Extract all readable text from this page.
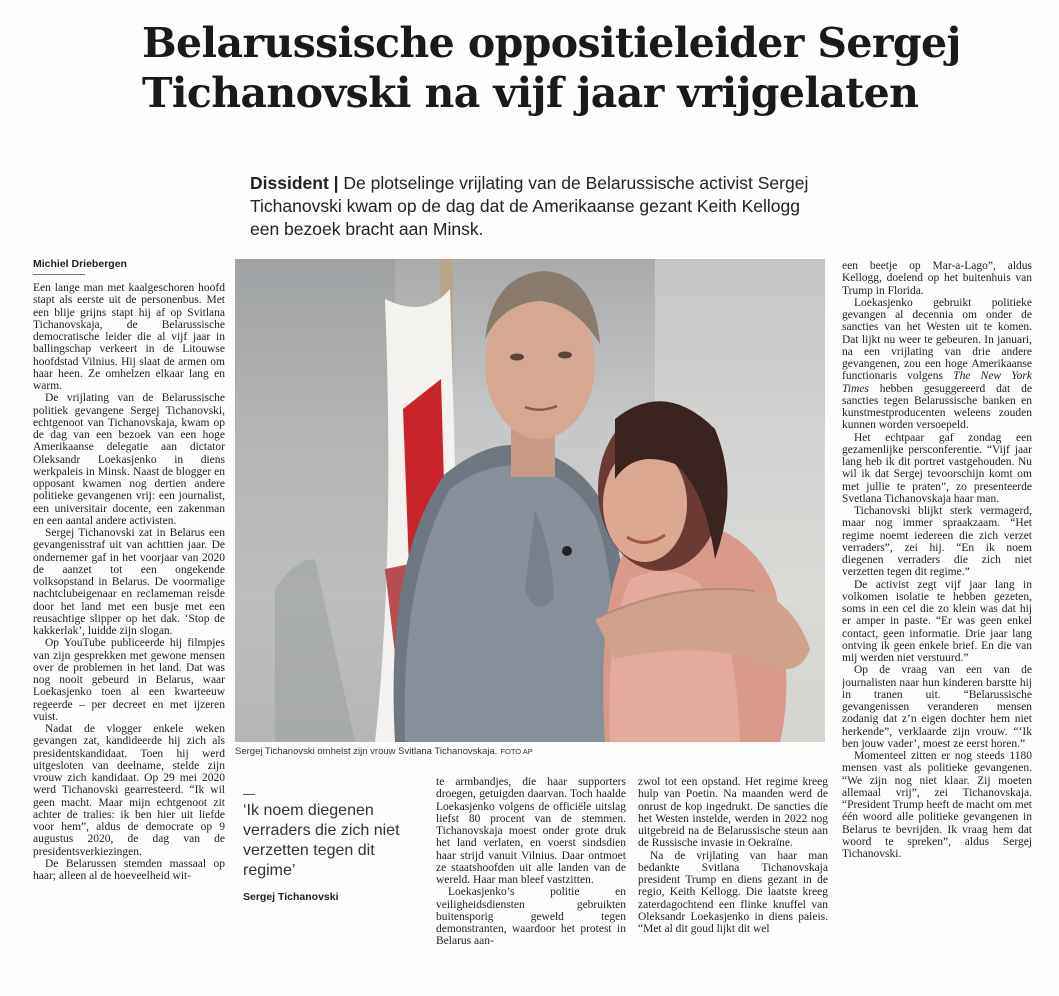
Belarussische oppositieleider Sergej Tichanovski na vijf jaar vrijgelaten
Dissident | De plotselinge vrijlating van de Belarussische activist Sergej Tichanovski kwam op de dag dat de Amerikaanse gezant Keith Kellogg een bezoek bracht aan Minsk.
Michiel Driebergen

Een lange man met kaalgeschoren hoofd stapt als eerste uit de personenbus. Met een blije grijns stapt hij af op Svitlana Tichanovskaja, de Belarussische democratische leider die al vijf jaar in ballingschap verkeert in de Litouwse hoofdstad Vilnius. Hij slaat de armen om haar heen. Ze omhelzen elkaar lang en warm.

De vrijlating van de Belarussische politiek gevangene Sergej Tichanovski, echtgenoot van Tichanovskaja, kwam op de dag van een bezoek van een hoge Amerikaanse delegatie aan dictator Oleksandr Loekasjenko in diens werkpaleis in Minsk. Naast de blogger en opposant kwamen nog dertien andere politieke gevangenen vrij: een journalist, een universitair docente, een zakenman en een aantal andere activisten.

Sergej Tichanovski zat in Belarus een gevangenisstraf uit van achttien jaar. De ondernemer gaf in het voorjaar van 2020 de aanzet tot een ongekende volksopstand in Belarus. De voormalige nachtclubeigenaar en reclameman reisde door het land met een busje met een reusachtige slipper op het dak. ‘Stop de kakkerlak’, luidde zijn slogan.

Op YouTube publiceerde hij filmpjes van zijn gesprekken met gewone mensen over de problemen in het land. Dat was nog nooit gebeurd in Belarus, waar Loekasjenko toen al een kwarteeuw regeerde – per decreet en met ijzeren vuist.

Nadat de vlogger enkele weken gevangen zat, kandideerde hij zich als presidentskandidaat. Toen hij werd uitgesloten van deelname, stelde zijn vrouw zich kandidaat. Op 29 mei 2020 werd Tichanovski gearresteerd. “Ik wil geen macht. Maar mijn echtgenoot zit achter de tralies: ik ben hier uit liefde voor hem”, aldus de democrate op 9 augustus 2020, de dag van de presidentsverkiezingen.

De Belarussen stemden massaal op haar; alleen al de hoeveelheid wit-

Sergej Tichanovski omhelst zijn vrouw Svitlana Tichanovskaja. FOTO AP

‘Ik noem diegenen verraders die zich niet verzetten tegen dit regime’

Sergej Tichanovski

te armbandjes, die haar supporters droegen, getuigden daarvan. Toch haalde Loekasjenko volgens de officiële uitslag liefst 80 procent van de stemmen. Tichanovskaja moest onder grote druk het land verlaten, en voerst sindsdien haar strijd vanuit Vilnius. Daar ontmoet ze staatshoofden uit alle landen van de wereld. Haar man bleef vastzitten.

Loekasjenko’s politie en veiligheidsdiensten gebruikten buitensporig geweld tegen demonstranten, waardoor het protest in Belarus aan-

zwol tot een opstand. Het regime kreeg hulp van Poetin. Na maanden werd de onrust de kop ingedrukt. De sancties die het Westen instelde, werden in 2022 nog uitgebreid na de Belarussische steun aan de Russische invasie in Oekraïne.

Na de vrijlating van haar man bedankte Svitlana Tichanovskaja president Trump en diens gezant in de regio, Keith Kellogg. Die laatste kreeg zaterdagochtend een flinke knuffel van Oleksandr Loekasjenko in diens paleis. “Met al dit goud lijkt dit wel

een beetje op Mar-a-Lago”, aldus Kellogg, doelend op het buitenhuis van Trump in Florida.

Loekasjenko gebruikt politieke gevangen al decennia om onder de sancties van het Westen uit te komen. Dat lijkt nu weer te gebeuren. In januari, na een vrijlating van drie andere gevangenen, zou een hoge Amerikaanse functionaris volgens The New York Times hebben gesuggereerd dat de sancties tegen Belarussische banken en kunstmestproducenten weleens zouden kunnen worden versoepeld.

Het echtpaar gaf zondag een gezamenlijke persconferentie. “Vijf jaar lang heb ik dit portret vastgehouden. Nu wil ik dat Sergej tevoorschijn komt om met jullie te praten”, zo presenteerde Svetlana Tichanovskaja haar man.

Tichanovski blijkt sterk vermagerd, maar nog immer spraakzaam. “Het regime noemt iedereen die zich verzet verraders”, zei hij. “En ik noem diegenen verraders die zich niet verzetten tegen dit regime.”

De activist zegt vijf jaar lang in volkomen isolatie te hebben gezeten, soms in een cel die zo klein was dat hij er amper in paste. “Er was geen enkel contact, geen informatie. Drie jaar lang ontving ik geen enkele brief. En die van mij werden niet verstuurd.”

Op de vraag van een van de journalisten naar hun kinderen barstte hij in tranen uit. “Belarussische gevangenissen veranderen mensen zodanig dat z’n eigen dochter hem niet herkende”, verklaarde zijn vrouw. “‘Ik ben jouw vader’, moest ze eerst horen.”

Momenteel zitten er nog steeds 1180 mensen vast als politieke gevangenen. “We zijn nog niet klaar. Zij moeten allemaal vrij”, zei Tichanovskaja. “President Trump heeft de macht om met één woord alle politieke gevangenen in Belarus te bevrijden. Ik vraag hem dat woord te spreken”, aldus Sergej Tichanovski.
